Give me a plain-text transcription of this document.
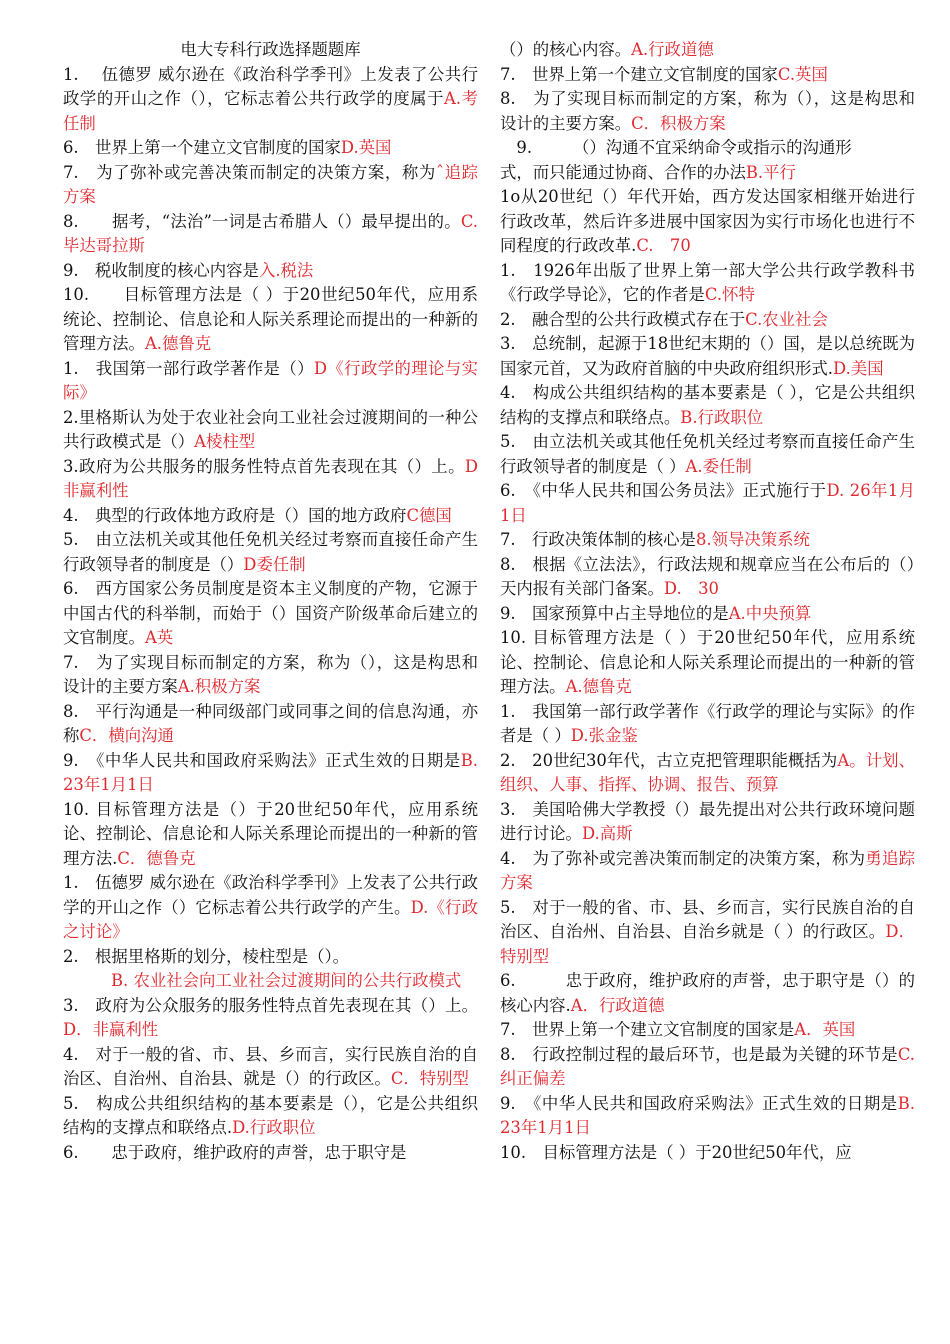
电大专科行政选择题题库

1.　 伍德罗 威尔逊在《政治科学季刊》上发表了公共行政学的开山之作（），它标志着公共行政学的度属于A.考任制

6.　世界上第一个建立文官制度的国家D.英国

7.　为了弥补或完善决策而制定的决策方案，称为ˆ追踪方案

8.　　据考，“法治”一词是古希腊人（）最早提出的。C.毕达哥拉斯

9.　税收制度的核心内容是入.税法

10.　　目标管理方法是（ ）于20世纪50年代，应用系统论、控制论、信息论和人际关系理论而提出的一种新的管理方法。A.德鲁克

1.　我国第一部行政学著作是（）D《行政学的理论与实际》

2.里格斯认为处于农业社会向工业社会过渡期间的一种公共行政模式是（）A棱柱型

3.政府为公共服务的服务性特点首先表现在其（）上。D非赢利性

4.　典型的行政体地方政府是（）国的地方政府C德国

5.　由立法机关或其他任免机关经过考察而直接任命产生行政领导者的制度是（）D委任制

6.　西方国家公务员制度是资本主义制度的产物，它源于中国古代的科举制，而始于（）国资产阶级革命后建立的文官制度。A英

7.　为了实现目标而制定的方案，称为（），这是构思和设计的主要方案A.积极方案

8.　平行沟通是一种同级部门或同事之间的信息沟通，亦称C．横向沟通

9.　《中华人民共和国政府采购法》正式生效的日期是B.　23年1月1日

10. 目标管理方法是（）于20世纪50年代，应用系统论、控制论、信息论和人际关系理论而提出的一种新的管理方法.C．德鲁克

1.　伍德罗 威尔逊在《政治科学季刊》上发表了公共行政学的开山之作（）它标志着公共行政学的产生。D.《行政之讨论》

2.　根据里格斯的划分，棱柱型是（）。
B. 农业社会向工业社会过渡期间的公共行政模式

3.　政府为公众服务的服务性特点首先表现在其（）上。D．非赢利性

4.　对于一般的省、市、县、乡而言，实行民族自治的自治区、自治州、自治县、就是（）的行政区。C．特别型

5.　构成公共组织结构的基本要素是（），它是公共组织结构的支撑点和联络点.D.行政职位

6.　　忠于政府，维护政府的声誉，忠于职守是

（）的核心内容。A.行政道德

7.　世界上第一个建立文官制度的国家C.英国

8.　为了实现目标而制定的方案，称为（），这是构思和设计的主要方案。C．积极方案

　9.　　　（）沟通不宜采纳命令或指示的沟通形

式，而只能通过协商、合作的办法B.平行

1o从20世纪（）年代开始，西方发达国家相继开始进行行政改革，然后许多进展中国家因为实行市场化也进行不同程度的行政改革.C.　70

1.　1926年出版了世界上第一部大学公共行政学教科书《行政学导论》，它的作者是C.怀特

2.　融合型的公共行政模式存在于C.农业社会

3.　总统制，起源于18世纪末期的（）国，是以总统既为国家元首，又为政府首脑的中央政府组织形式.D.美国

4.　构成公共组织结构的基本要素是（ ），它是公共组织结构的支撑点和联络点。B.行政职位

5.　由立法机关或其他任免机关经过考察而直接任命产生行政领导者的制度是（ ）A.委任制

6.　《中华人民共和国公务员法》正式施行于D. 26年1月1日

7.　行政决策体制的核心是8.领导决策系统

8.　根据《立法法》，行政法规和规章应当在公布后的（）天内报有关部门备案。D.　30

9.　国家预算中占主导地位的是A.中央预算

10. 目标管理方法是（ ）于20世纪50年代，应用系统论、控制论、信息论和人际关系理论而提出的一种新的管理方法。A.德鲁克

1.　我国第一部行政学著作《行政学的理论与实际》的作者是（ ）D.张金鉴

2.　20世纪30年代，古立克把管理职能概括为A。计划、组织、人事、指挥、协调、报告、预算

3.　美国哈佛大学教授（）最先提出对公共行政环境问题进行讨论。D.高斯

4.　为了弥补或完善决策而制定的决策方案，称为勇追踪方案

5.　对于一般的省、市、县、乡而言，实行民族自治的自治区、自治州、自治县、自治乡就是（ ）的行政区。D．特别型

6.　　　忠于政府，维护政府的声誉，忠于职守是（）的核心内容.A．行政道德

7.　世界上第一个建立文官制度的国家是A．英国

8.　行政控制过程的最后环节，也是最为关键的环节是C.纠正偏差

9.　《中华人民共和国政府采购法》正式生效的日期是B.　23年1月1日

10.　目标管理方法是（ ）于20世纪50年代，应
